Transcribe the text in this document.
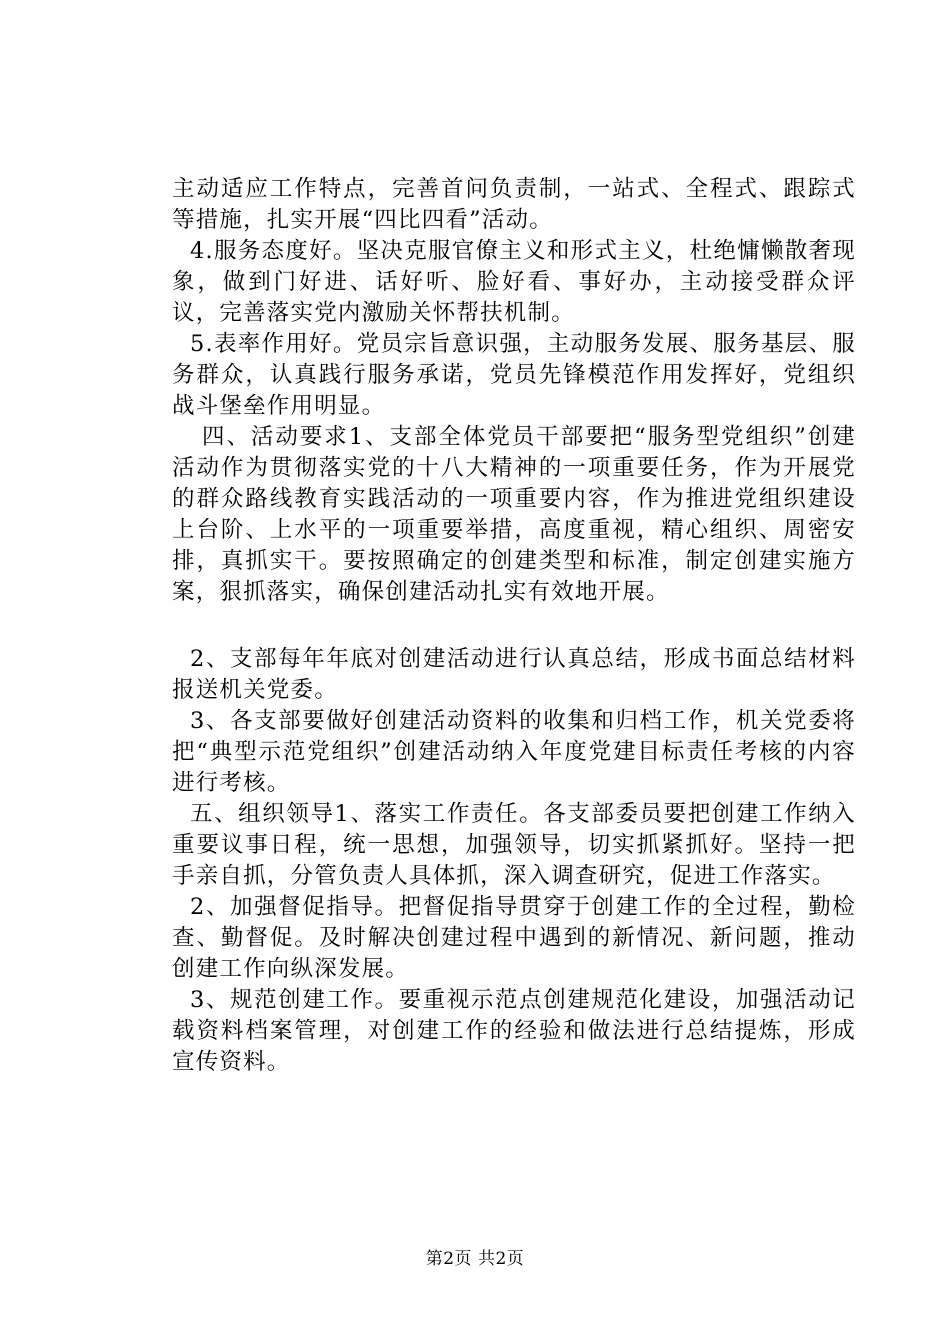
主动适应工作特点，完善首问负责制，一站式、全程式、跟踪式等措施，扎实开展“四比四看”活动。

4.服务态度好。坚决克服官僚主义和形式主义，杜绝慵懒散奢现象，做到门好进、话好听、脸好看、事好办，主动接受群众评议，完善落实党内激励关怀帮扶机制。

5.表率作用好。党员宗旨意识强，主动服务发展、服务基层、服务群众，认真践行服务承诺，党员先锋模范作用发挥好，党组织战斗堡垒作用明显。

四、活动要求1、支部全体党员干部要把“服务型党组织”创建活动作为贯彻落实党的十八大精神的一项重要任务，作为开展党的群众路线教育实践活动的一项重要内容，作为推进党组织建设上台阶、上水平的一项重要举措，高度重视，精心组织、周密安排，真抓实干。要按照确定的创建类型和标准，制定创建实施方案，狠抓落实，确保创建活动扎实有效地开展。

2、支部每年年底对创建活动进行认真总结，形成书面总结材料报送机关党委。

3、各支部要做好创建活动资料的收集和归档工作，机关党委将把“典型示范党组织”创建活动纳入年度党建目标责任考核的内容进行考核。

五、组织领导1、落实工作责任。各支部委员要把创建工作纳入重要议事日程，统一思想，加强领导，切实抓紧抓好。坚持一把手亲自抓，分管负责人具体抓，深入调查研究，促进工作落实。

2、加强督促指导。把督促指导贯穿于创建工作的全过程，勤检查、勤督促。及时解决创建过程中遇到的新情况、新问题，推动创建工作向纵深发展。

3、规范创建工作。要重视示范点创建规范化建设，加强活动记载资料档案管理，对创建工作的经验和做法进行总结提炼，形成宣传资料。

第2页 共2页
